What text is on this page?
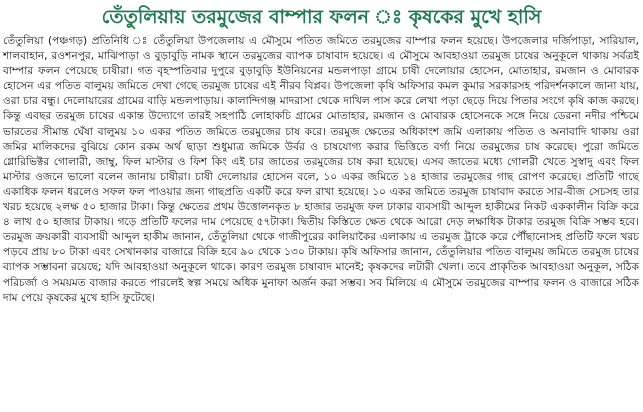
তেঁতুলিয়ায় তরমুজের বাম্পার ফলন ঃ কৃষকের মুখে হাসি

তেঁতুলিয়া (পঞ্চগড়) প্রতিনিধি ঃ তেঁতুলিয়া উপজেলায় এ মৌসুমে পতিত জমিতে তরমুজের বাম্পার ফলন হয়েছে। উপজেলার দর্জিপাড়া, সারিয়াল, শালবাহান, রওশনপুর, মাঝিপাড়া ও বুড়াবুড়ি নামক স্থানে তরমুজের ব্যাপক চাষাবাদ হয়েছে। এ মৌসুমে আবহাওয়া তরমুজ চাষের অনুকূলে থাকায় সর্বত্রই বাম্পার ফলন পেয়েছে চাষীরা। গত বৃহস্পতিবার দুপুরে বুড়াবুড়ি ইউনিয়নের মন্ডলপাড়া গ্রামে চাষী দেলোয়ার হোসেন, মোতাহার, রমজান ও মোবারক হোসেন এর পতিত বালুময় জমিতে দেখা গেছে তরমুজ চাষের এই নীরব বিপ্লব। উপজেলা কৃষি অফিসার কমল কুমার সরকারসহ পরিদর্শনকালে জানা যায়, ওরা চার বন্ধু। দেলোয়ারের গ্রামের বাড়ি মন্ডলপাড়ায়। কালান্দিগঞ্জ মাদরাসা থেকে দাখিল পাস করে লেখা পড়া ছেড়ে দিয়ে পিতার সংগে কৃষি কাজ করছে। কিন্তু এবছর তরমুজ চাষের একান্ত উদ্যোগে তারই সহপাঠি লোহাকচি গ্রামের মোতাহার, রমজান ও মোবারক হোসেনকে সঙ্গে নিয়ে ডেরনা নদীর পশ্চিমে ভারতের সীমান্ত ঘেঁষা বালুময় ১০ একর পতিত জমিতে তরমুজের চাষ করে। তরমুজ ক্ষেতের অধিকাংশ জমি এলাকায় পতিত ও অনাবাদি থাকায় ওরা জমির মালিকদের বুঝিয়ে কোন রকম অর্থ ছাড়া শুধুমাত্র জমিকে উর্বর ও চাষযোগ্য করার ভিত্তিতে বর্গা নিয়ে তরমুজের চাষ করেছে। পুরো জমিতে গ্লোরিভিক্টর গোলারী, জাম্বু, ফিল মাস্টার ও ফিশ কিং এই চার জাতের তরমুজের চাষ করা হয়েছে। এসব জাতের মধ্যে গোলরী খেতে সুস্বাদু এবং ফিল মাস্টার ওজনে ভালো বলেন জানায় চাষীরা। চাষী দেলোয়ার হোসেন বলে, ১০ একর জমিতে ১৪ হাজার তরমুজের গাছ রোপণ করেছে। প্রতিটি গাছে একাধিক ফলন ধরলেও সফল ফল পাওয়ার জন্য গাছপ্রতি একটি করে ফল রাখা হয়েছে। ১০ একর জমিতে তরমুজ চাষাবাদ করতে সার-বীজ সেচসহ তার খরচ হয়েছে ২লক্ষ ৫০ হাজার টাকা। কিন্তু ক্ষেতের প্রথম উত্তোলনকৃত ৮ হাজার তরমুজ ফল ঢাকার ব্যবসায়ী আব্দুল হাকীমের নিকট এককালীন বিক্রি করে ৪ লাখ ৫০ হাজার টাকায়। গড়ে প্রতিটি ফলের দাম পেয়েছে ৫৭টাকা। দ্বিতীয় কিস্তিতে ক্ষেত থেকে আরো দেড় লক্ষাধিক টাকার তরমুজ বিক্রি সম্ভব হবে। তরমুজ ক্রয়কারী ব্যবসায়ী আব্দুল হাকীম জানান, তেঁতুলিয়া থেকে গাজীপুরের কালিয়াকৈর এলাকায় এ তরমুজ ট্রাকে করে পৌঁছানোসহ প্রতিটি ফলে খরচ পড়বে প্রায় ৮০ টাকা এবং সেখানকার বাজারে বিক্রি হবে ৯০ থেকে ১৩০ টাকায়। কৃষি অফিসার জানান, তেঁতুলিয়ার পতিত বালুময় জমিতে তরমুজ চাষের ব্যাপক সম্ভাবনা রয়েছে; যদি আবহাওয়া অনুকূলে থাকে। কারণ তরমুজ চাষাবাদ মানেই; কৃষকদের লটারী খেলা। তবে প্রাকৃতিক আবহাওয়া অনুকূল, সঠিক পরিচর্জা ও সময়মত বাজার করতে পারলেই স্বল্প সময়ে অধিক মুনাফা অর্জন করা সম্ভব। সব মিলিয়ে এ মৌসুমে তরমুজের বাম্পার ফলন ও বাজারে সঠিক দাম পেয়ে কৃষকের মুখে হাসি ফুটেছে।
